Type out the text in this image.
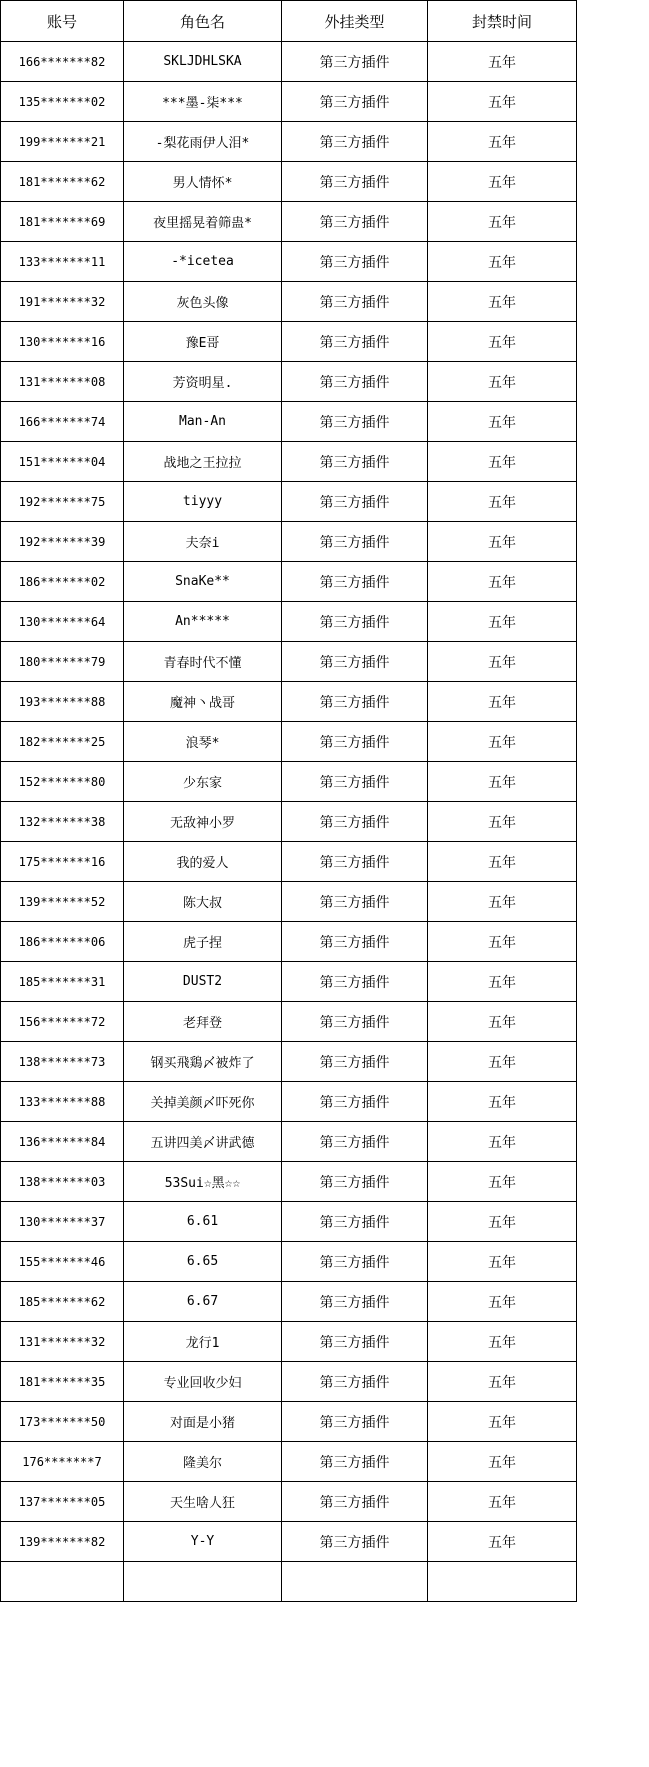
账号	角色名	外挂类型	封禁时间
166*******82	SKLJDHLSKA	第三方插件	五年
135*******02	***墨-柒***	第三方插件	五年
199*******21	-梨花雨伊人泪*	第三方插件	五年
181*******62	男人情怀*	第三方插件	五年
181*******69	夜里摇晃着筛蛊*	第三方插件	五年
133*******11	-*icetea	第三方插件	五年
191*******32	灰色头像	第三方插件	五年
130*******16	豫E哥	第三方插件	五年
131*******08	芳资明星.	第三方插件	五年
166*******74	Man-An	第三方插件	五年
151*******04	战地之王拉拉	第三方插件	五年
192*******75	tiyyy	第三方插件	五年
192*******39	夫奈i	第三方插件	五年
186*******02	SnaKe**	第三方插件	五年
130*******64	An*****	第三方插件	五年
180*******79	青春时代不懂	第三方插件	五年
193*******88	魔神丶战哥	第三方插件	五年
182*******25	浪琴*	第三方插件	五年
152*******80	少东家	第三方插件	五年
132*******38	无敌神小罗	第三方插件	五年
175*******16	我的爱人	第三方插件	五年
139*******52	陈大叔	第三方插件	五年
186*******06	虎子捏	第三方插件	五年
185*******31	DUST2	第三方插件	五年
156*******72	老拜登	第三方插件	五年
138*******73	钢买飛鶏〆被炸了	第三方插件	五年
133*******88	关掉美颜〆吓死你	第三方插件	五年
136*******84	五讲四美〆讲武德	第三方插件	五年
138*******03	53Sui☆黑☆☆	第三方插件	五年
130*******37	6.61	第三方插件	五年
155*******46	6.65	第三方插件	五年
185*******62	6.67	第三方插件	五年
131*******32	龙行1	第三方插件	五年
181*******35	专业回收少妇	第三方插件	五年
173*******50	对面是小猪	第三方插件	五年
176*******7	隆美尔	第三方插件	五年
137*******05	天生啥人狂	第三方插件	五年
139*******82	Y-Y	第三方插件	五年
